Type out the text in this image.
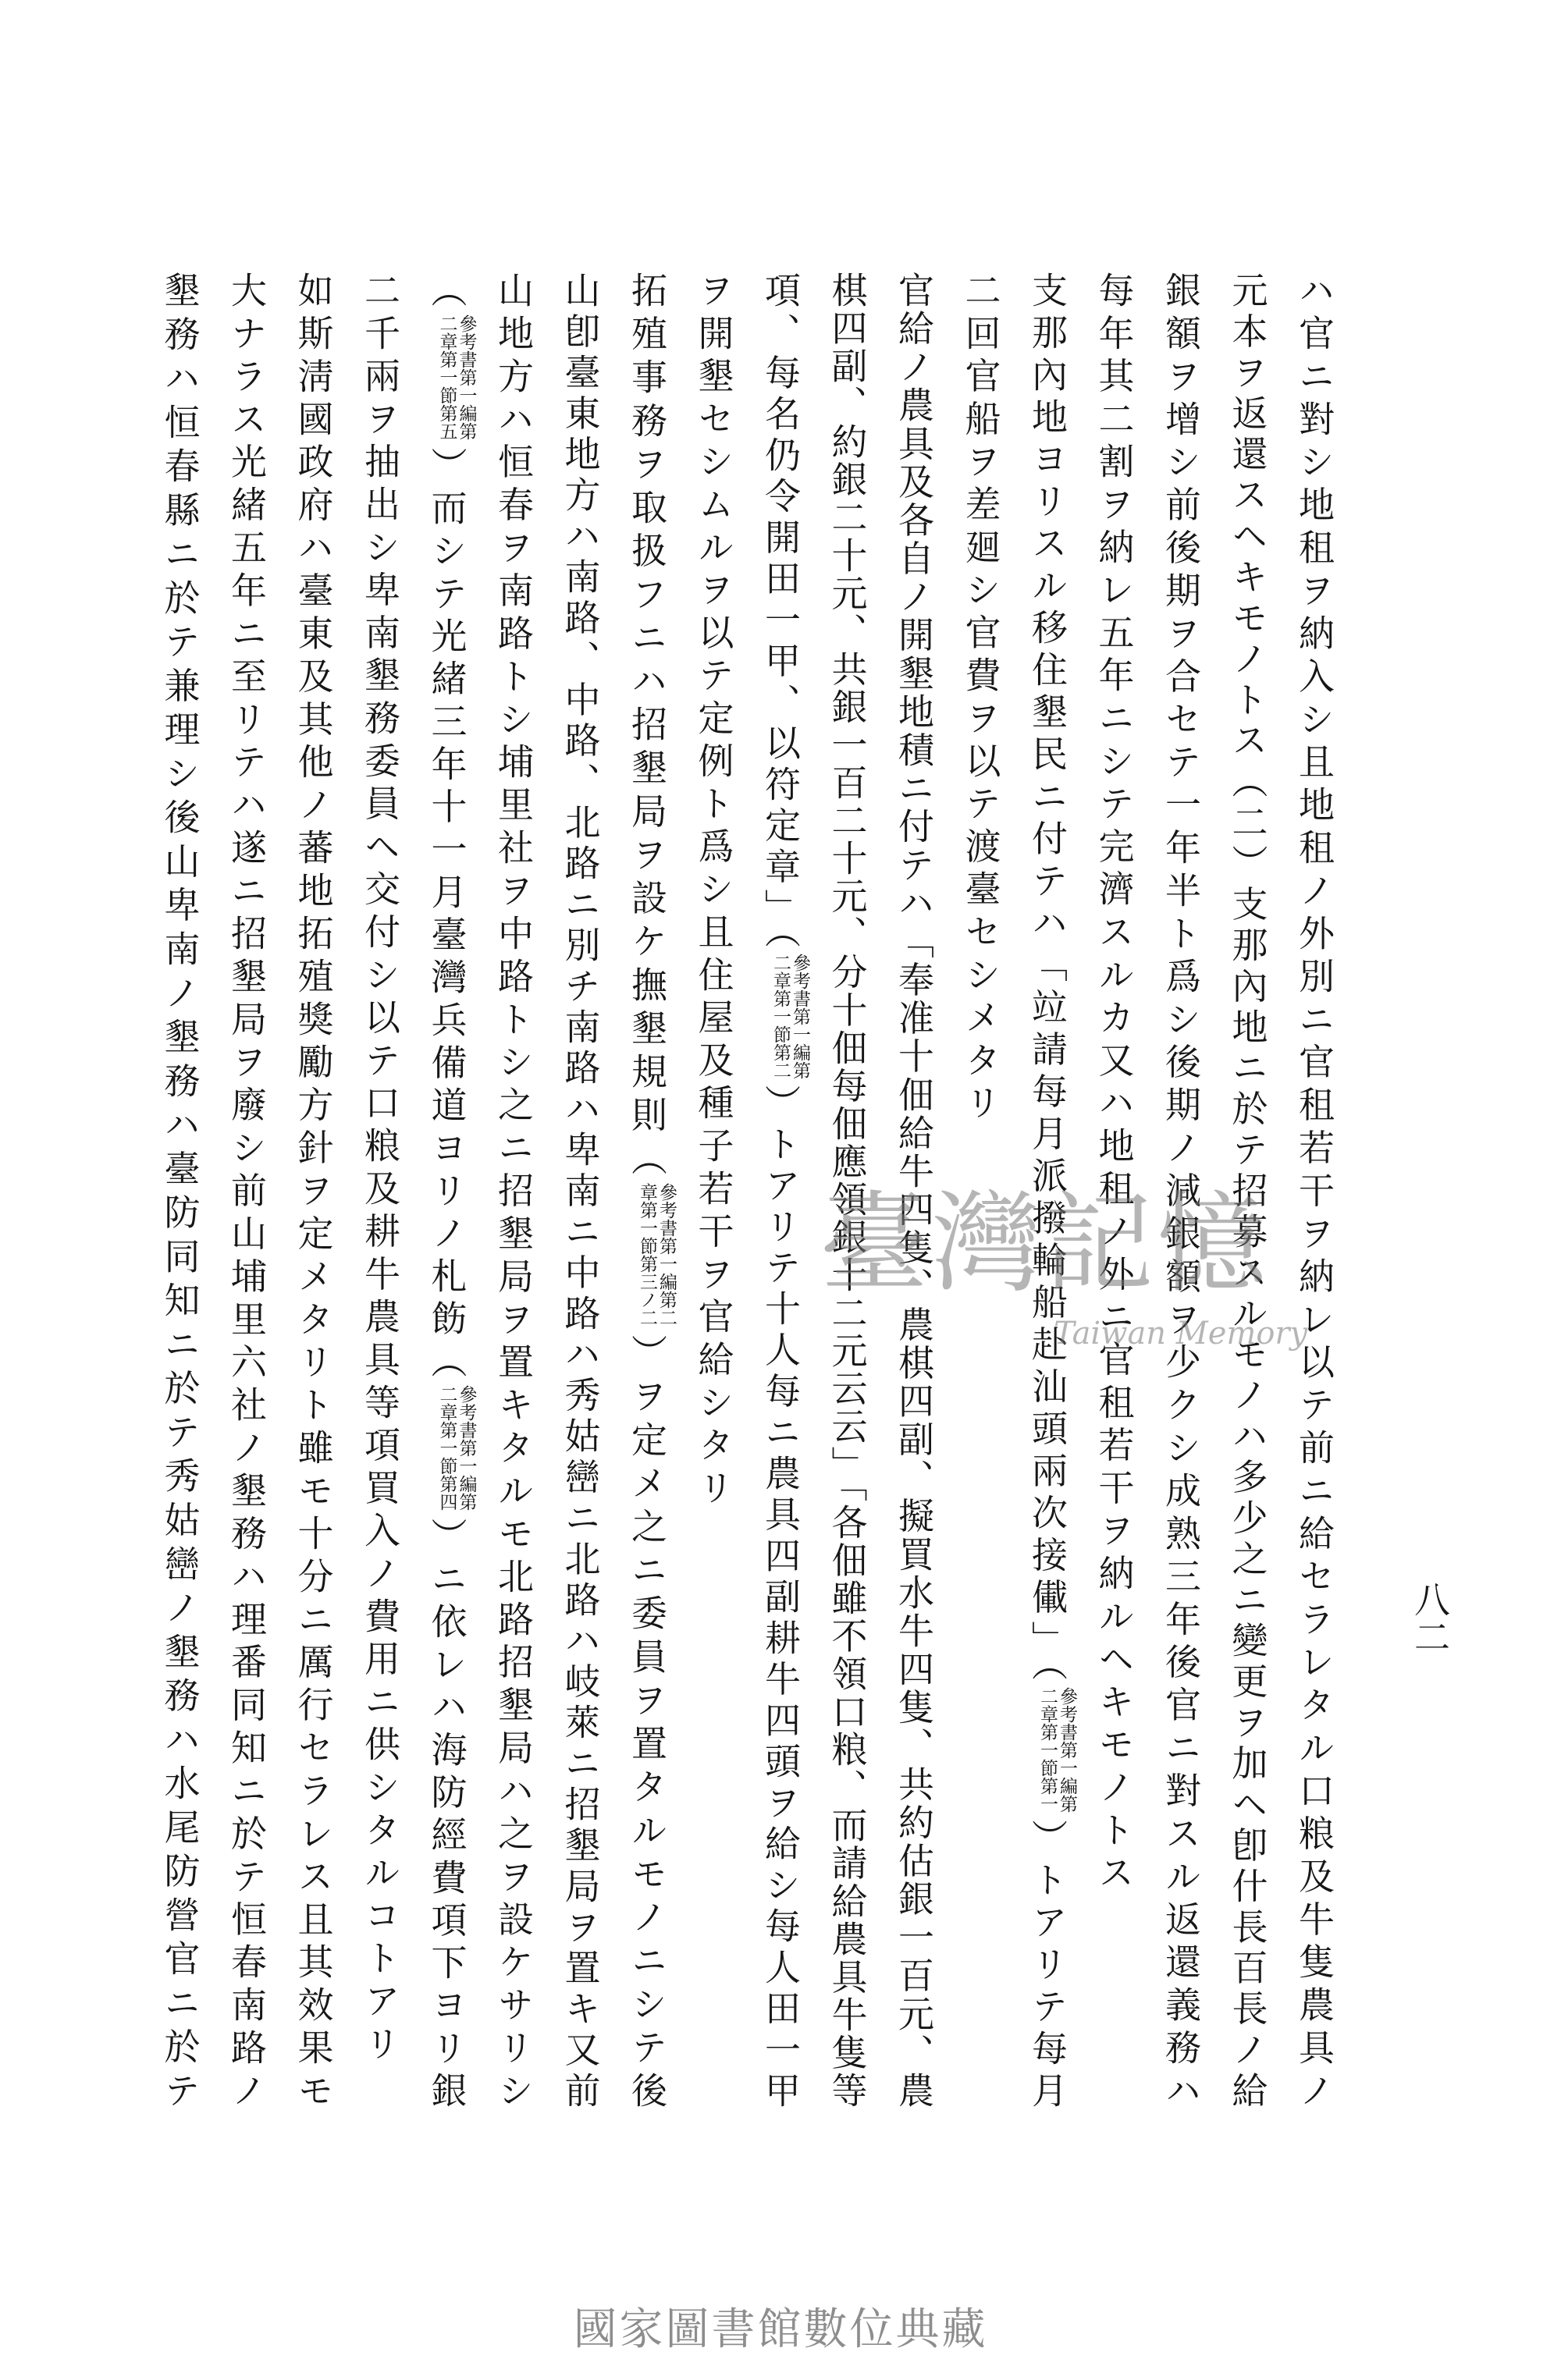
八二
ハ官ニ對シ地租ヲ納入シ且地租ノ外別ニ官租若干ヲ納レ以テ前ニ給セラレタル口粮及牛隻農具ノ
元本ヲ返還スヘキモノトス（二）支那內地ニ於テ招募スルモノハ多少之ニ變更ヲ加ヘ卽什長百長ノ給
銀額ヲ增シ前後期ヲ合セテ一年半ト爲シ後期ノ減銀額ヲ少クシ成熟三年後官ニ對スル返還義務ハ
每年其二割ヲ納レ五年ニシテ完濟スルカ又ハ地租ノ外ニ官租若干ヲ納ルヘキモノトス
支那內地ヨリスル移住墾民ニ付テハ「竝請每月派撥輪船赴汕頭兩次接儎」（
參考書第一編第
二章第一節第一
）トアリテ每月
二回官船ヲ差廻シ官費ヲ以テ渡臺セシメタリ
官給ノ農具及各自ノ開墾地積ニ付テハ「奉准十佃給牛四隻、農棋四副、擬買水牛四隻、共約估銀一百元、農
棋四副、約銀二十元、共銀一百二十元、分十佃每佃應領銀十二元云云」「各佃雖不領口粮、而請給農具牛隻等
項、每名仍令開田一甲、以符定章」（
參考書第一編第
二章第一節第二
）トアリテ十人每ニ農具四副耕牛四頭ヲ給シ每人田一甲
ヲ開墾セシムルヲ以テ定例ト爲シ且住屋及種子若干ヲ官給シタリ
拓殖事務ヲ取扱フニハ招墾局ヲ設ケ撫墾規則（
參考書第一編第二
章第一節第三ノ二
）ヲ定メ之ニ委員ヲ置タルモノニシテ後
山卽臺東地方ハ南路、中路、北路ニ別チ南路ハ卑南ニ中路ハ秀姑巒ニ北路ハ岐萊ニ招墾局ヲ置キ又前
山地方ハ恒春ヲ南路トシ埔里社ヲ中路トシ之ニ招墾局ヲ置キタルモ北路招墾局ハ之ヲ設ケサリシ
（
參考書第一編第
二章第一節第五
）而シテ光緒三年十一月臺灣兵備道ヨリノ札飭（
參考書第一編第
二章第一節第四
）ニ依レハ海防經費項下ヨリ銀
二千兩ヲ抽出シ卑南墾務委員ヘ交付シ以テ口粮及耕牛農具等項買入ノ費用ニ供シタルコトアリ
如斯淸國政府ハ臺東及其他ノ蕃地拓殖獎勵方針ヲ定メタリト雖モ十分ニ厲行セラレス且其效果モ
大ナラス光緒五年ニ至リテハ遂ニ招墾局ヲ廢シ前山埔里六社ノ墾務ハ理番同知ニ於テ恒春南路ノ
墾務ハ恒春縣ニ於テ兼理シ後山卑南ノ墾務ハ臺防同知ニ於テ秀姑巒ノ墾務ハ水尾防營官ニ於テ	臺灣記憶
Taiwan Memory
國家圖書館數位典藏
